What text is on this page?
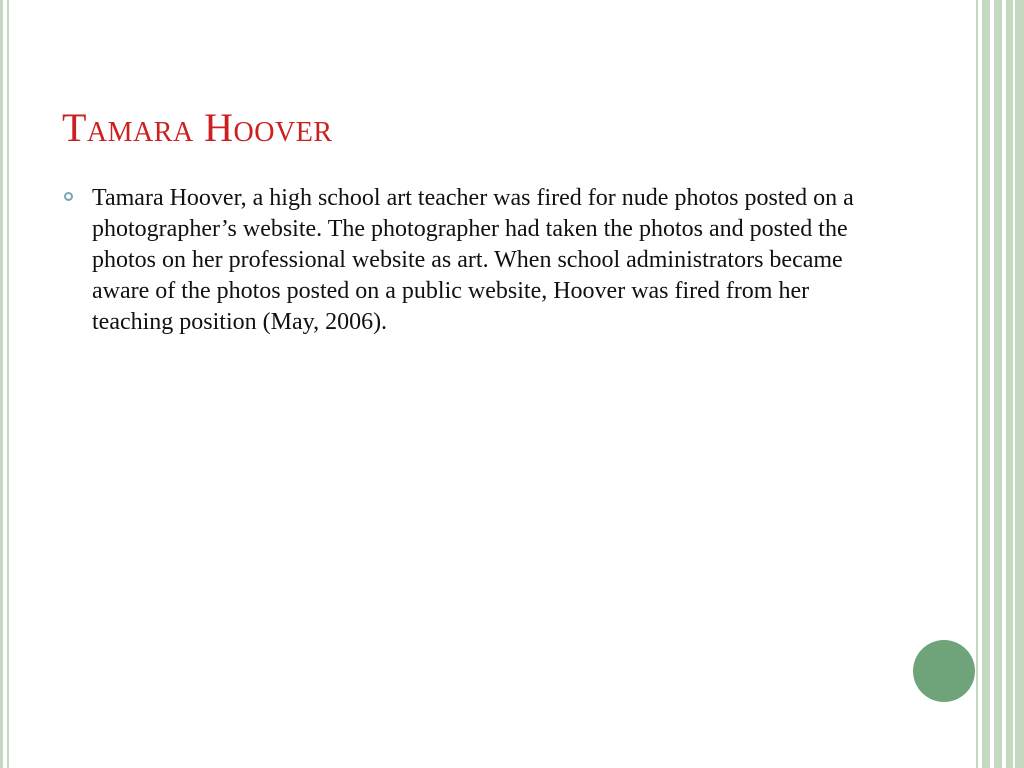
Tamara Hoover
Tamara Hoover, a high school art teacher was fired for nude photos posted on a photographer’s website. The photographer had taken the photos and posted the photos on her professional website as art. When school administrators became aware of the photos posted on a public website, Hoover was fired from her teaching position (May, 2006).
